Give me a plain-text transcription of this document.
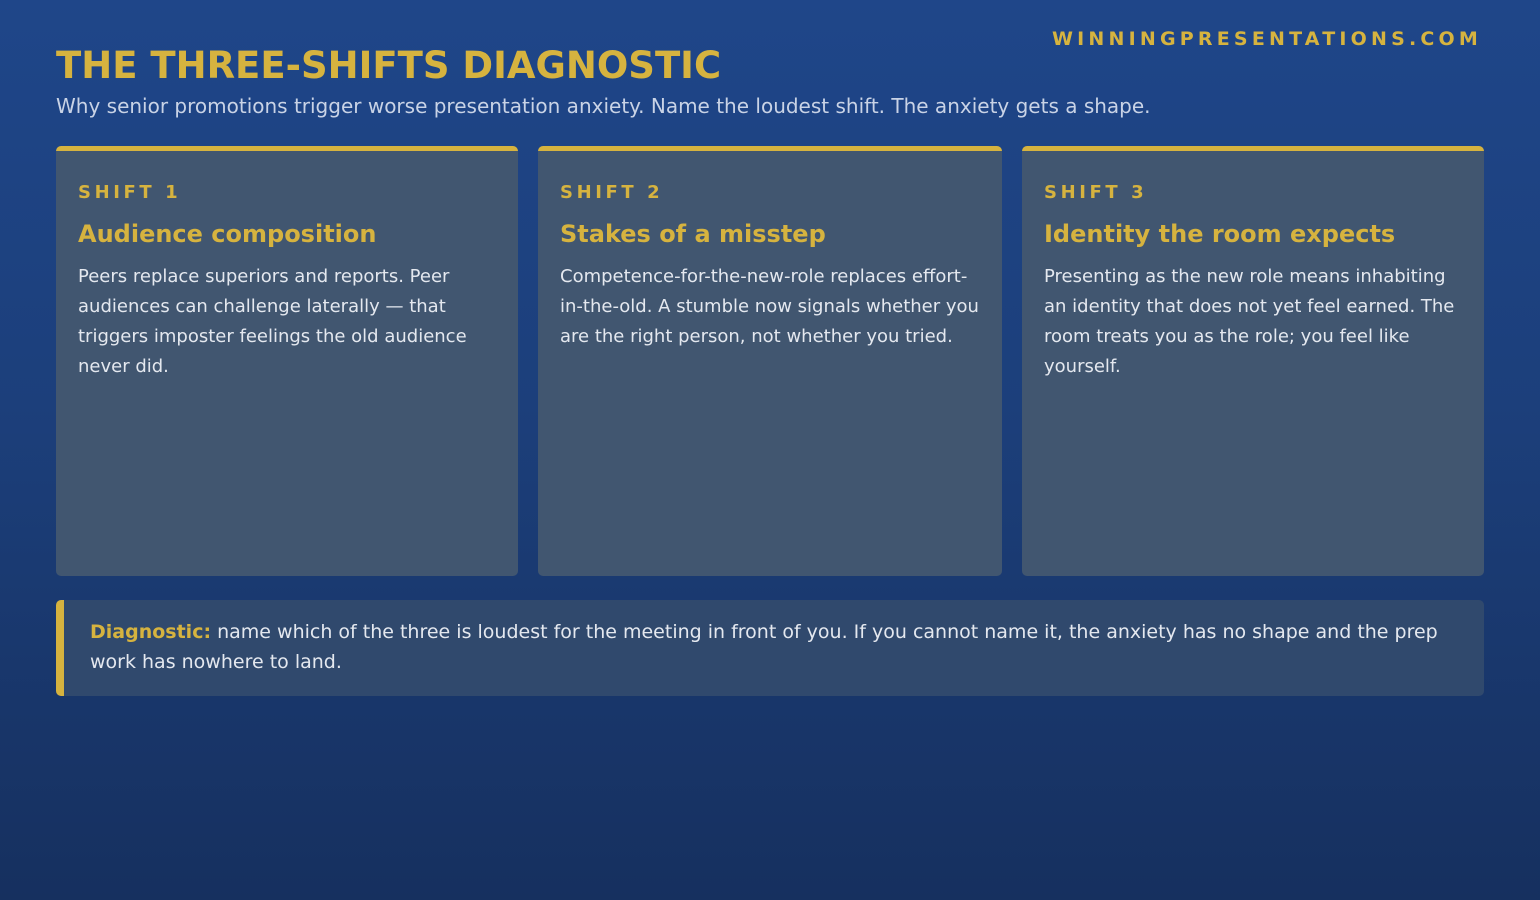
WINNINGPRESENTATIONS.COM
THE THREE-SHIFTS DIAGNOSTIC

Why senior promotions trigger worse presentation anxiety. Name the loudest shift. The anxiety gets a shape.

SHIFT 1
Audience composition
Peers replace superiors and reports. Peer audiences can challenge laterally — that triggers imposter feelings the old audience never did.
SHIFT 2
Stakes of a misstep
Competence-for-the-new-role replaces effort-in-the-old. A stumble now signals whether you are the right person, not whether you tried.
SHIFT 3
Identity the room expects
Presenting as the new role means inhabiting an identity that does not yet feel earned. The room treats you as the role; you feel like yourself.

Diagnostic: name which of the three is loudest for the meeting in front of you. If you cannot name it, the anxiety has no shape and the prep work has nowhere to land.
